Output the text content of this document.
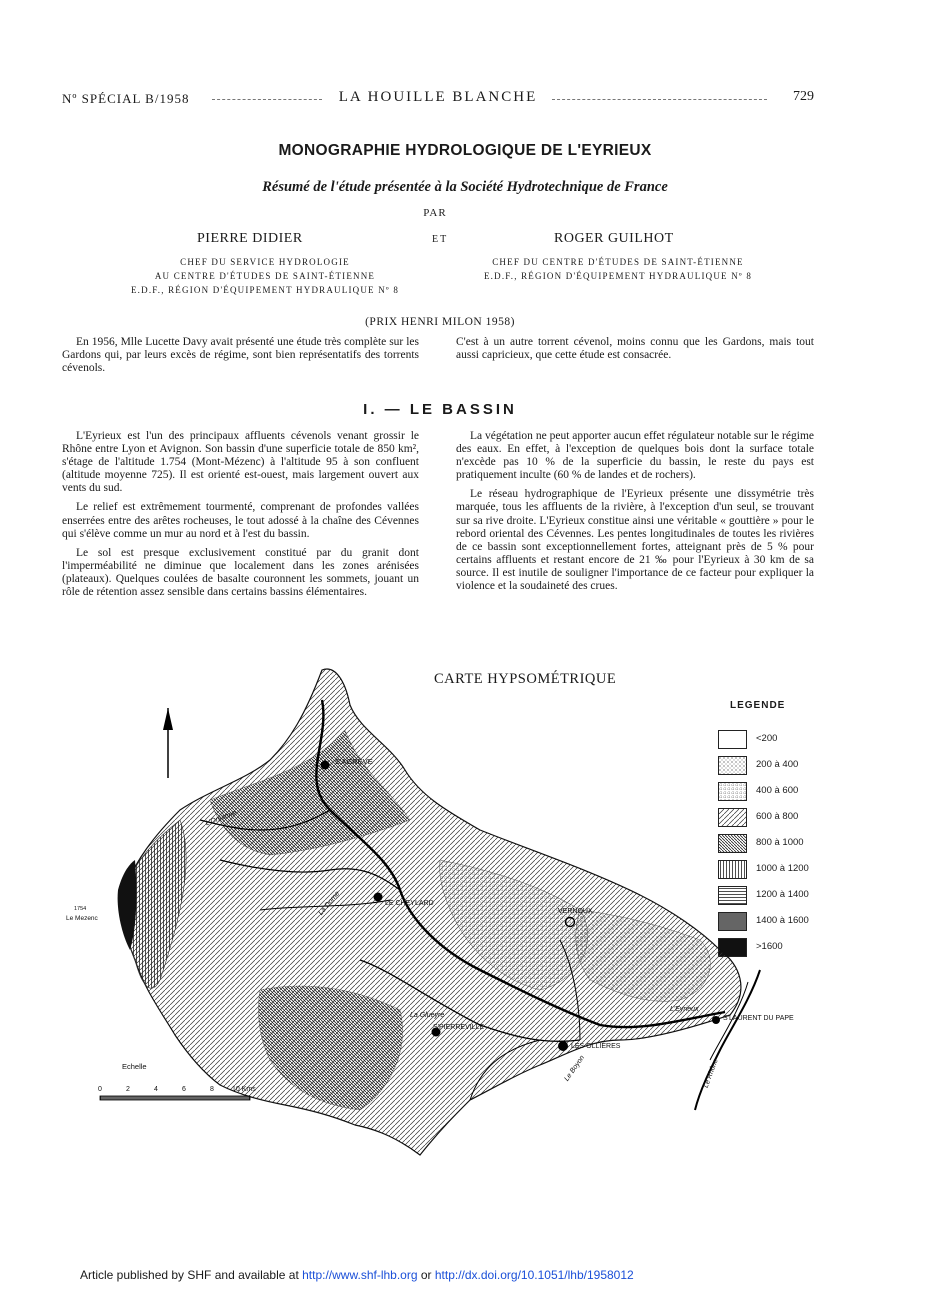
Nº SPÉCIAL B/1958	LA HOUILLE BLANCHE	729
MONOGRAPHIE HYDROLOGIQUE DE L'EYRIEUX
Résumé de l'étude présentée à la Société Hydrotechnique de France
PAR
PIERRE DIDIER	ET	ROGER GUILHOT
CHEF DU SERVICE HYDROLOGIE
AU CENTRE D'ÉTUDES DE SAINT-ÉTIENNE
E.D.F., RÉGION D'ÉQUIPEMENT HYDRAULIQUE Nº 8
CHEF DU CENTRE D'ÉTUDES DE SAINT-ÉTIENNE
E.D.F., RÉGION D'ÉQUIPEMENT HYDRAULIQUE Nº 8
(PRIX HENRI MILON 1958)

En 1956, Mlle Lucette Davy avait présenté une étude très complète sur les Gardons qui, par leurs excès de régime, sont bien représentatifs des torrents cévenols.

C'est à un autre torrent cévenol, moins connu que les Gardons, mais tout aussi capricieux, que cette étude est consacrée.

I. — LE BASSIN

L'Eyrieux est l'un des principaux affluents cévenols venant grossir le Rhône entre Lyon et Avignon. Son bassin d'une superficie totale de 850 km², s'étage de l'altitude 1.754 (Mont-Mézenc) à l'altitude 95 à son confluent (altitude moyenne 725). Il est orienté est-ouest, mais largement ouvert aux vents du sud.

Le relief est extrêmement tourmenté, comprenant de profondes vallées enserrées entre des arêtes rocheuses, le tout adossé à la chaîne des Cévennes qui s'élève comme un mur au nord et à l'est du bassin.

Le sol est presque exclusivement constitué par du granit dont l'imperméabilité ne diminue que localement dans les zones arénisées (plateaux). Quelques coulées de basalte couronnent les sommets, jouant un rôle de rétention assez sensible dans certains bassins élémentaires.

La végétation ne peut apporter aucun effet régulateur notable sur le régime des eaux. En effet, à l'exception de quelques bois dont la surface totale n'excède pas 10 % de la superficie du bassin, le reste du pays est pratiquement inculte (60 % de landes et de rochers).

Le réseau hydrographique de l'Eyrieux présente une dissymétrie très marquée, tous les affluents de la rivière, à l'exception d'un seul, se trouvant sur sa rive droite. L'Eyrieux constitue ainsi une véritable « gouttière » pour le rebord oriental des Cévennes. Les pentes longitudinales de toutes les rivières de ce bassin sont exceptionnellement fortes, atteignant près de 5 % pour certains affluents et restant encore de 21 ‰ pour l'Eyrieux à 30 km de sa source. Il est inutile de souligner l'importance de ce facteur pour expliquer la violence et la soudaineté des crues.

CARTE HYPSOMÉTRIQUE
LEGENDE
<200
200 à 400
400 à 600
600 à 800
800 à 1000
1000 à 1200
1200 à 1400
1400 à 1600
>1600
S'AGRÈVE
LE CHEYLARD
VERNOUX
S'PIERREVILLE
LES OLLIÈRES
S'LAURENT DU PAPE
Le Mezenc
1754
L'Eyrieux
Le Rhône
La Glueyre
L'Orsanne
La Dorne
Le Boyon
Echelle
0	2	4	6	8	10 Kms
Article published by SHF and available at http://www.shf-lhb.org or http://dx.doi.org/10.1051/lhb/1958012
